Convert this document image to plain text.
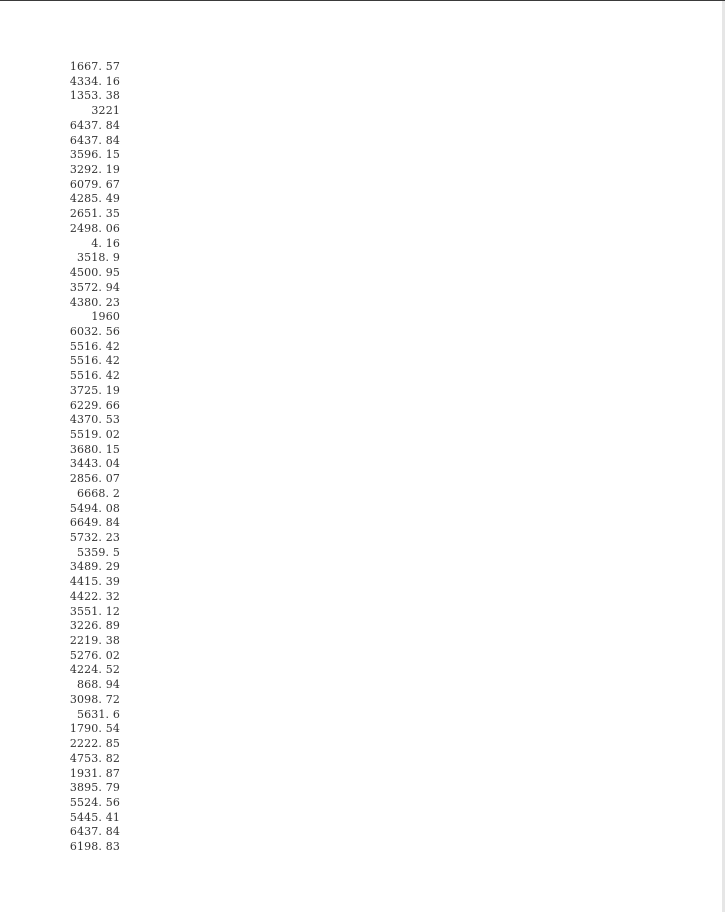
1667. 57
4334. 16
1353. 38
3221
6437. 84
6437. 84
3596. 15
3292. 19
6079. 67
4285. 49
2651. 35
2498. 06
4. 16
3518. 9
4500. 95
3572. 94
4380. 23
1960
6032. 56
5516. 42
5516. 42
5516. 42
3725. 19
6229. 66
4370. 53
5519. 02
3680. 15
3443. 04
2856. 07
6668. 2
5494. 08
6649. 84
5732. 23
5359. 5
3489. 29
4415. 39
4422. 32
3551. 12
3226. 89
2219. 38
5276. 02
4224. 52
868. 94
3098. 72
5631. 6
1790. 54
2222. 85
4753. 82
1931. 87
3895. 79
5524. 56
5445. 41
6437. 84
6198. 83
